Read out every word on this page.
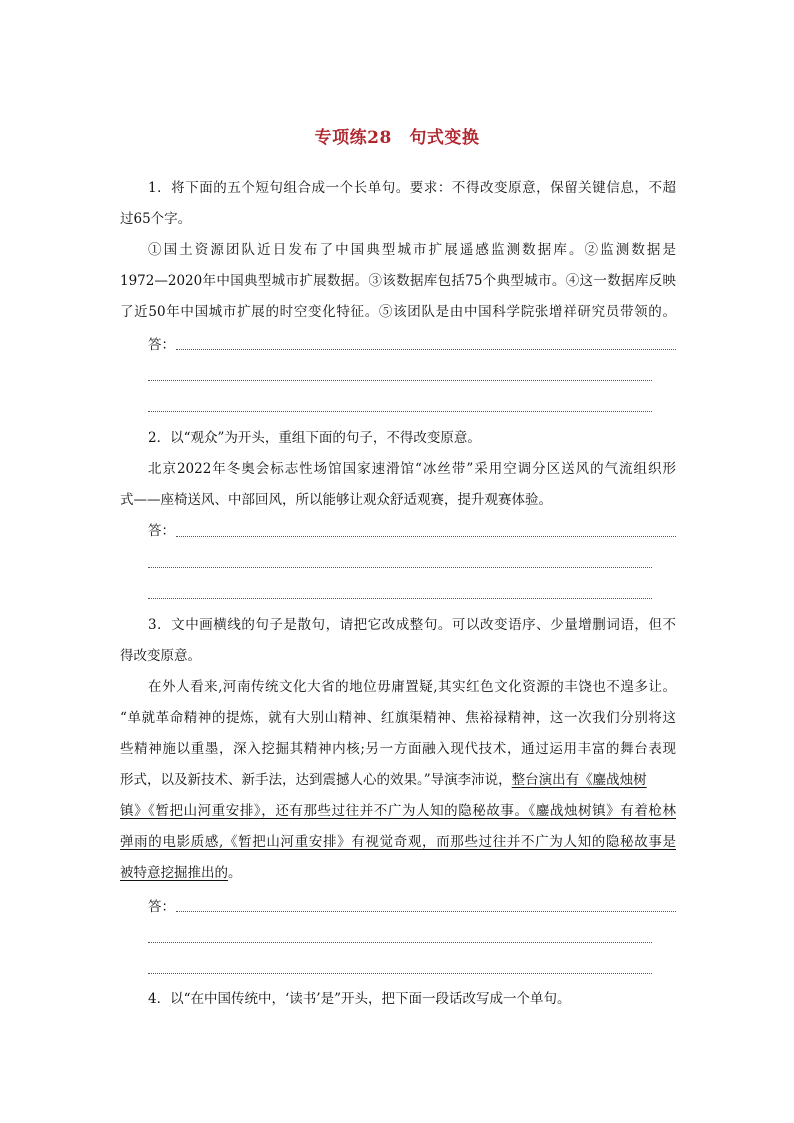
专项练28　句式变换
1．将下面的五个短句组合成一个长单句。要求：不得改变原意，保留关键信息，不超
过65个字。
①国土资源团队近日发布了中国典型城市扩展遥感监测数据库。②监测数据是
1972—2020年中国典型城市扩展数据。③该数据库包括75个典型城市。④这一数据库反映
了近50年中国城市扩展的时空变化特征。⑤该团队是由中国科学院张增祥研究员带领的。
答：
2．以“观众”为开头，重组下面的句子，不得改变原意。
北京2022年冬奥会标志性场馆国家速滑馆“冰丝带”采用空调分区送风的气流组织形
式——座椅送风、中部回风，所以能够让观众舒适观赛，提升观赛体验。
答：
3．文中画横线的句子是散句，请把它改成整句。可以改变语序、少量增删词语，但不
得改变原意。
在外人看来,河南传统文化大省的地位毋庸置疑,其实红色文化资源的丰饶也不遑多让。
“单就革命精神的提炼，就有大别山精神、红旗渠精神、焦裕禄精神，这一次我们分别将这
些精神施以重墨，深入挖掘其精神内核;另一方面融入现代技术，通过运用丰富的舞台表现
形式，以及新技术、新手法，达到震撼人心的效果。”导演李沛说，整台演出有《鏖战烛树
镇》《暂把山河重安排》，还有那些过往并不广为人知的隐秘故事。《鏖战烛树镇》有着枪林
弹雨的电影质感,《暂把山河重安排》有视觉奇观，而那些过往并不广为人知的隐秘故事是
被特意挖掘推出的。
答：
4．以“在中国传统中，‘读书’是”开头，把下面一段话改写成一个单句。
